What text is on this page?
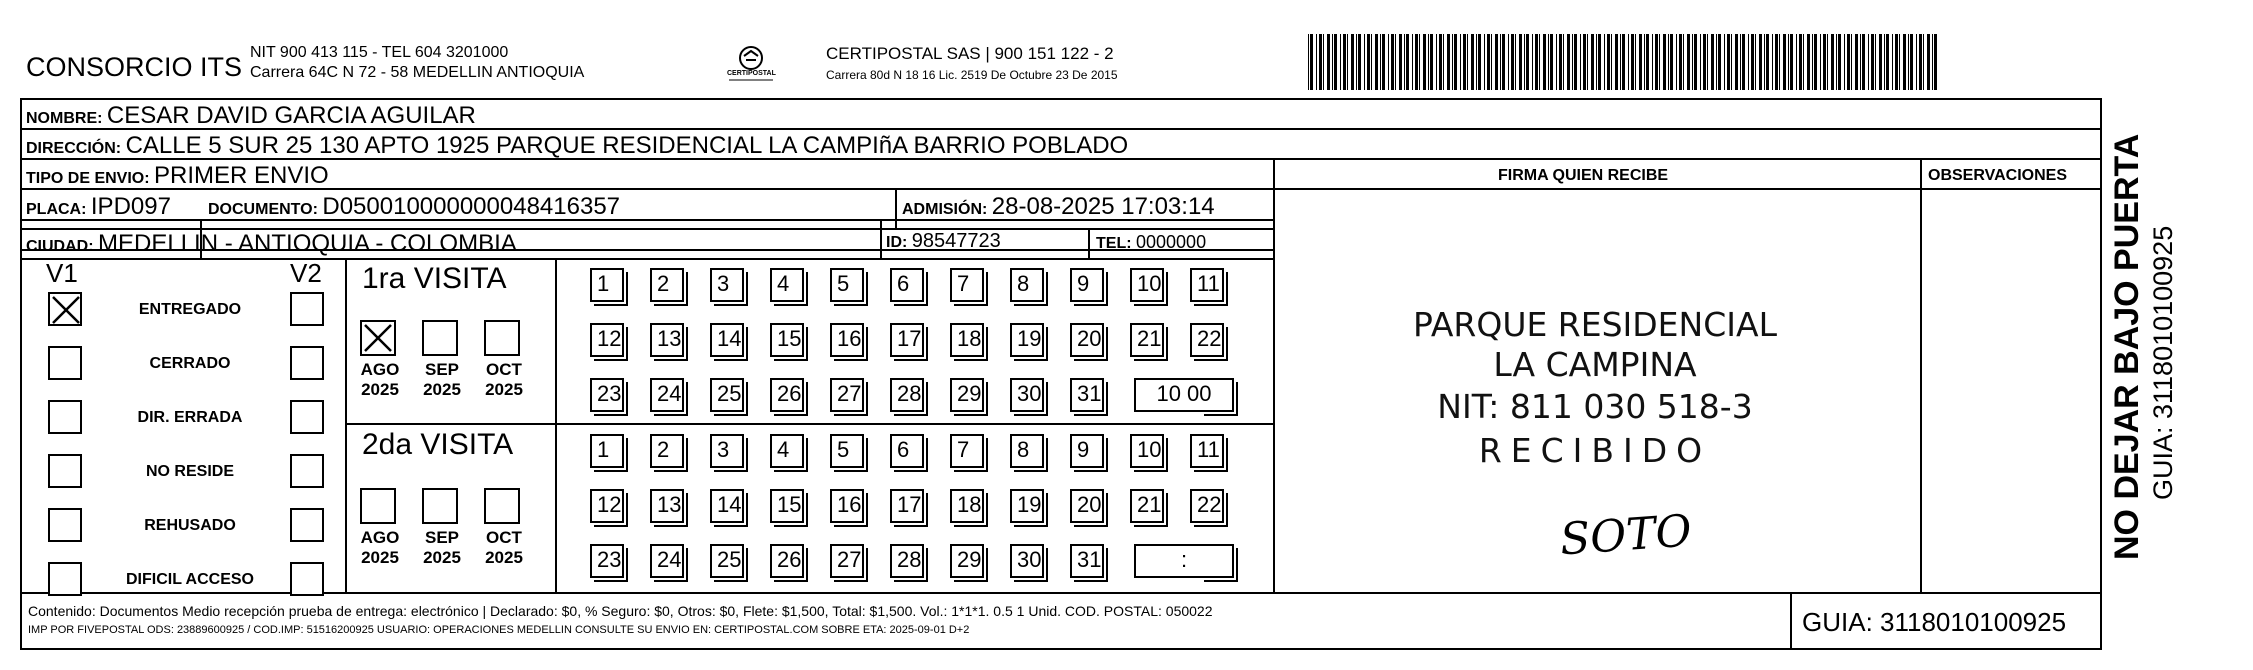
CONSORCIO ITS NIT 900 413 115 - TEL 604 3201000
Carrera 64C N 72 - 58 MEDELLIN ANTIOQUIA	CERTIPOSTAL
CERTIPOSTAL SAS | 900 151 122 - 2
Carrera 80d N 18 16 Lic. 2519 De Octubre 23 De 2015
NOMBRE: CESAR DAVID GARCIA AGUILAR
DIRECCIÓN: CALLE 5 SUR 25 130 APTO 1925 PARQUE RESIDENCIAL LA CAMPIñA BARRIO POBLADO
TIPO DE ENVIO: PRIMER ENVIO
PLACA: IPD097 DOCUMENTO: D050010000000048416357	ADMISIÓN: 28-08-2025 17:03:14
CIUDAD: MEDELLIN - ANTIOQUIA - COLOMBIA	ID: 98547723	TEL: 0000000
FIRMA QUIEN RECIBE	OBSERVACIONES
PARQUE RESIDENCIAL
LA CAMPINA
NIT: 811 030 518-3
RECIBIDO
SOTO
V1	V2
ENTREGADO
CERRADO
DIR. ERRADA
NO RESIDE
REHUSADO
DIFICIL ACCESO
1ra VISITA
2da VISITA
AGO
2025
SEP
2025
OCT
2025
AGO
2025
SEP
2025
OCT
2025
1	2	3	4	5	6	7	8	9	10	11
12	13	14	15	16	17	18	19	20	21	22
23	24	25	26	27	28	29	30	31	10 00
1	2	3	4	5	6	7	8	9	10	11
12	13	14	15	16	17	18	19	20	21	22
23	24	25	26	27	28	29	30	31	:
Contenido: Documentos Medio recepción prueba de entrega: electrónico | Declarado: $0, % Seguro: $0, Otros: $0, Flete: $1,500, Total: $1,500. Vol.: 1*1*1. 0.5 1 Unid. COD. POSTAL: 050022
IMP POR FIVEPOSTAL ODS: 23889600925 / COD.IMP: 51516200925 USUARIO: OPERACIONES MEDELLIN CONSULTE SU ENVIO EN: CERTIPOSTAL.COM SOBRE ETA: 2025-09-01 D+2	GUIA: 3118010100925
NO DEJAR BAJO PUERTA GUIA: 3118010100925
